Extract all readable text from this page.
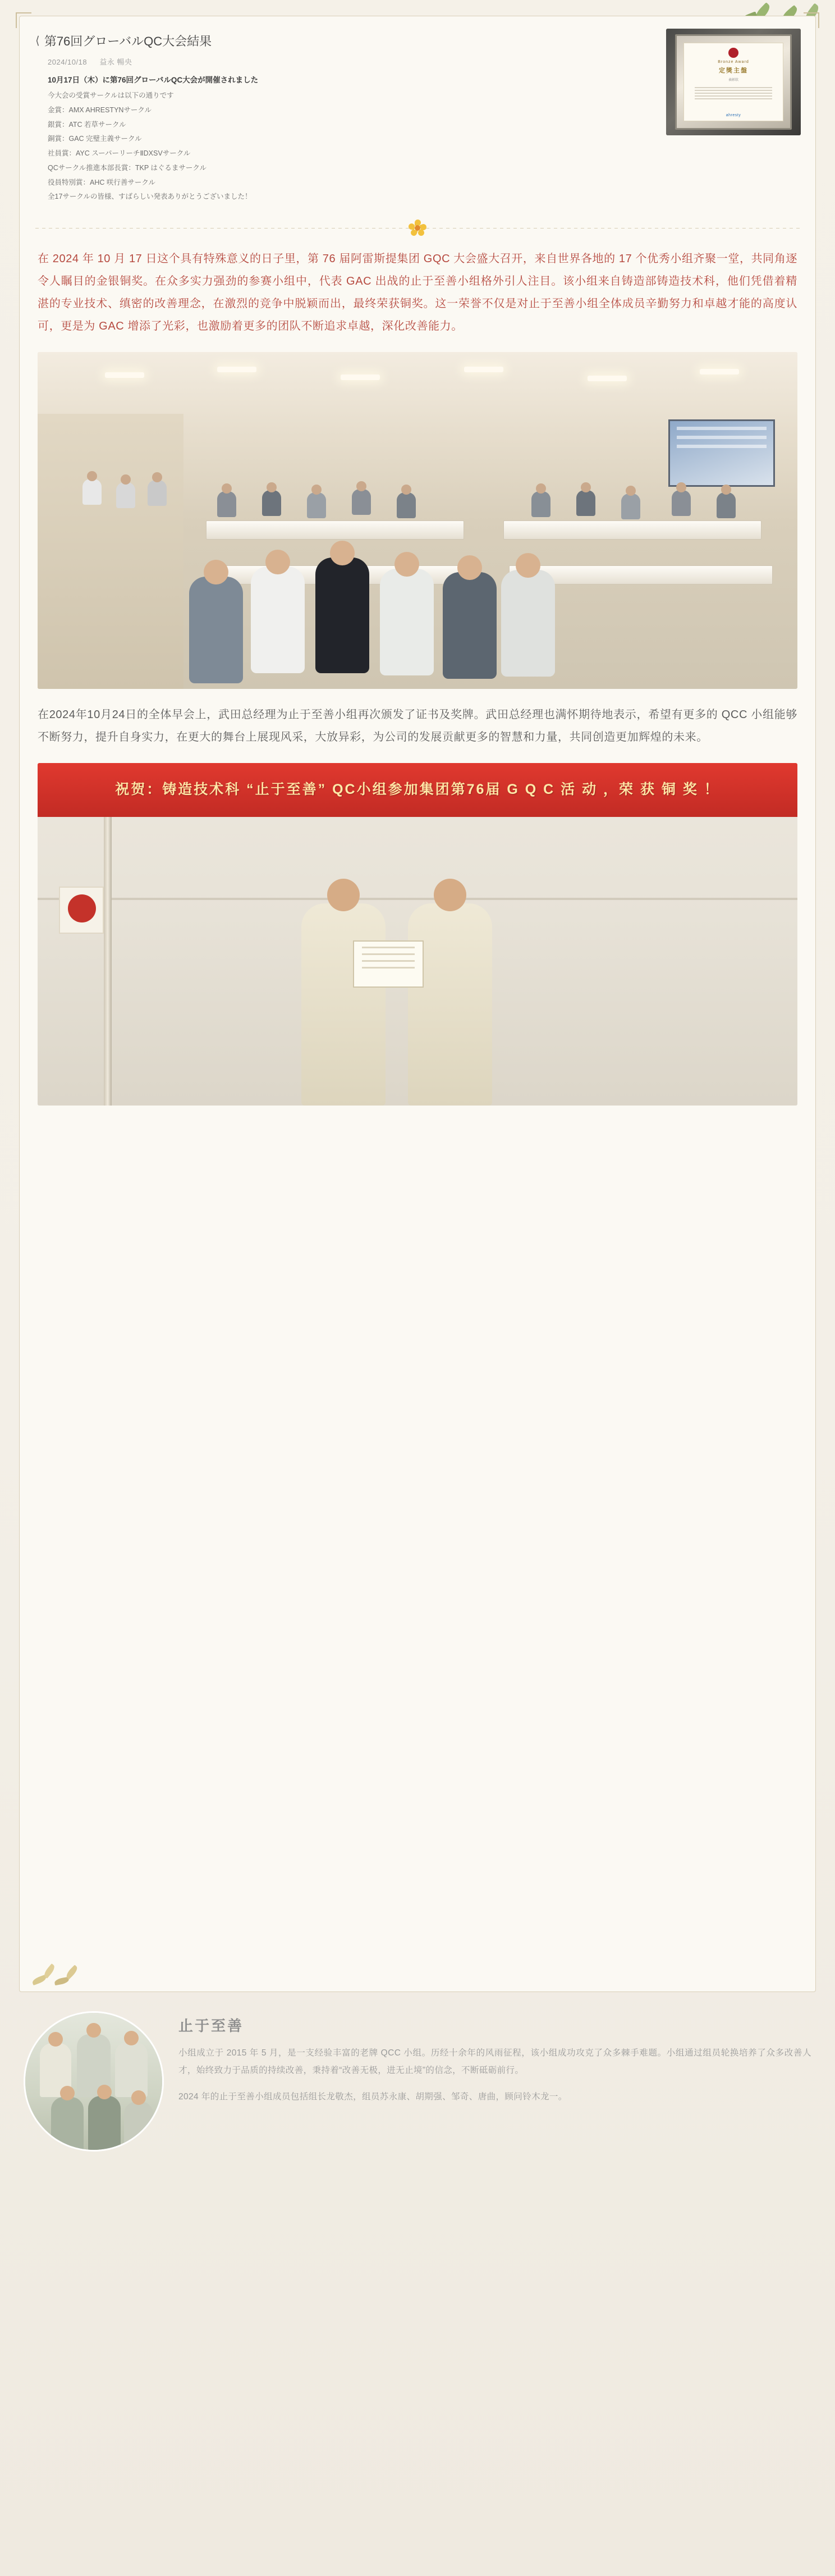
⟨ 第76回グローバルQC大会結果
2024/10/18 益永 暢央
10月17日（木）に第76回グローバルQC大会が開催されました
今大会の受賞サークルは以下の通りです
金賞：AMX AHRESTYNサークル
銀賞：ATC 若草サークル
銅賞：GAC 完璧主義サークル
社員賞：AYC スーパーリーチⅡDXSVサークル
QCサークル推進本部長賞：TKP はぐるまサークル
役員特別賞：AHC 咲行善サークル
全17サークルの皆様、すばらしい発表ありがとうございました！
Bronze Award
定獎主盤
表彰状
ahresty

在 2024 年 10 月 17 日这个具有特殊意义的日子里，第 76 届阿雷斯提集团 GQC 大会盛大召开，来自世界各地的 17 个优秀小组齐聚一堂，共同角逐令人瞩目的金银铜奖。在众多实力强劲的参赛小组中，代表 GAC 出战的止于至善小组格外引人注目。该小组来自铸造部铸造技术科，他们凭借着精湛的专业技术、缜密的改善理念，在激烈的竞争中脱颖而出，最终荣获铜奖。这一荣誉不仅是对止于至善小组全体成员辛勤努力和卓越才能的高度认可，更是为 GAC 增添了光彩，也激励着更多的团队不断追求卓越，深化改善能力。

在2024年10月24日的全体早会上，武田总经理为止于至善小组再次颁发了证书及奖牌。武田总经理也满怀期待地表示，希望有更多的 QCC 小组能够不断努力，提升自身实力，在更大的舞台上展现风采，大放异彩，为公司的发展贡献更多的智慧和力量，共同创造更加辉煌的未来。

祝贺：铸造技术科 “止于至善” QC小组参加集团第76届 G Q C 活 动 ，荣 获 铜 奖 ！
止于至善

小组成立于 2015 年 5 月，是一支经验丰富的老牌 QCC 小组。历经十余年的风雨征程，该小组成功攻克了众多棘手难题。小组通过组员轮换培养了众多改善人才，始终致力于品质的持续改善，秉持着“改善无极，进无止境”的信念，不断砥砺前行。

2024 年的止于至善小组成员包括组长龙敬杰，组员苏永康、胡期强、邹奇、唐曲，顾问铃木龙一。
